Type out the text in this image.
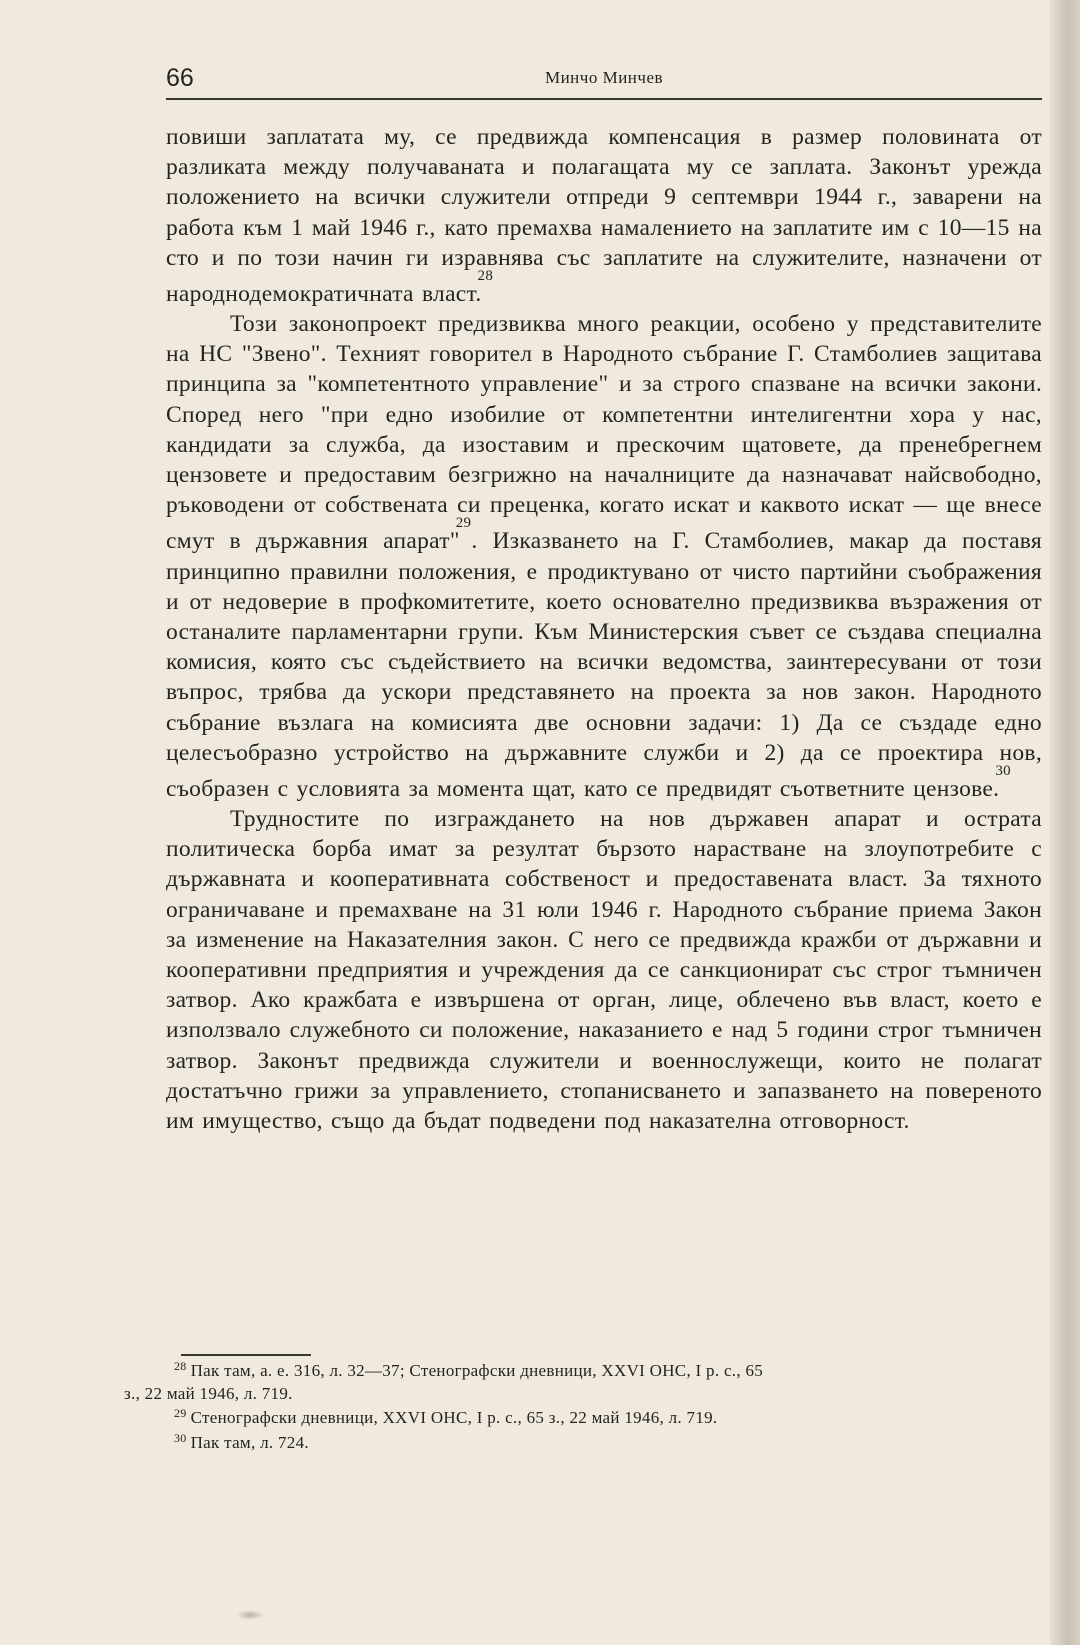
66	Минчо Минчев

повиши заплатата му, се предвижда компенсация в размер половината от разликата между получаваната и полагащата му се заплата. Законът урежда положението на всички служители отпреди 9 септември 1944 г., заварени на работа към 1 май 1946 г., като премахва намалението на заплатите им с 10—15 на сто и по този начин ги изравнява със заплатите на служителите, назначени от народнодемократичната власт.$^{28}$

Този законопроект предизвиква много реакции, особено у представителите на НС "Звено". Техният говорител в Народното събрание Г. Стамболиев защитава принципа за "компетентното управление" и за строго спазване на всички закони. Според него "при едно изобилие от компетентни интелигентни хора у нас, кандидати за служба, да изоставим и прескочим щатовете, да пренебрегнем цензовете и предоставим безгрижно на началниците да назначават найсвободно, ръководени от собствената си преценка, когато искат и каквото искат — ще внесе смут в държавния апарат"$^{29}$. Изказването на Г. Стамболиев, макар да поставя принципно правилни положения, е продиктувано от чисто партийни съображения и от недоверие в профкомитетите, което основателно предизвиква възражения от останалите парламентарни групи. Към Министерския съвет се създава специална комисия, която със съдействието на всички ведомства, заинтересувани от този въпрос, трябва да ускори представянето на проекта за нов закон. Народното събрание възлага на комисията две основни задачи: 1) Да се създаде едно целесъобразно устройство на държавните служби и 2) да се проектира нов, съобразен с условията за момента щат, като се предвидят съответните цензове.$^{30}$

Трудностите по изграждането на нов държавен апарат и острата политическа борба имат за резултат бързото нарастване на злоупотребите с държавната и кооперативната собственост и предоставената власт. За тяхното ограничаване и премахване на 31 юли 1946 г. Народното събрание приема Закон за изменение на Наказателния закон. С него се предвижда кражби от държавни и кооперативни предприятия и учреждения да се санкционират със строг тъмничен затвор. Ако кражбата е извършена от орган, лице, облечено във власт, което е използвало служебното си положение, наказанието е над 5 години строг тъмничен затвор. Законът предвижда служители и военнослужещи, които не полагат достатъчно грижи за управлението, стопанисването и запазването на повереното им имущество, също да бъдат подведени под наказателна отговорност.

$^{28}$ Пак там, а. е. 316, л. 32—37; Стенографски дневници, XXVI ОНС, I р. с., 65
з., 22 май 1946, л. 719.

$^{29}$ Стенографски дневници, XXVI ОНС, I р. с., 65 з., 22 май 1946, л. 719.

$^{30}$ Пак там, л. 724.
